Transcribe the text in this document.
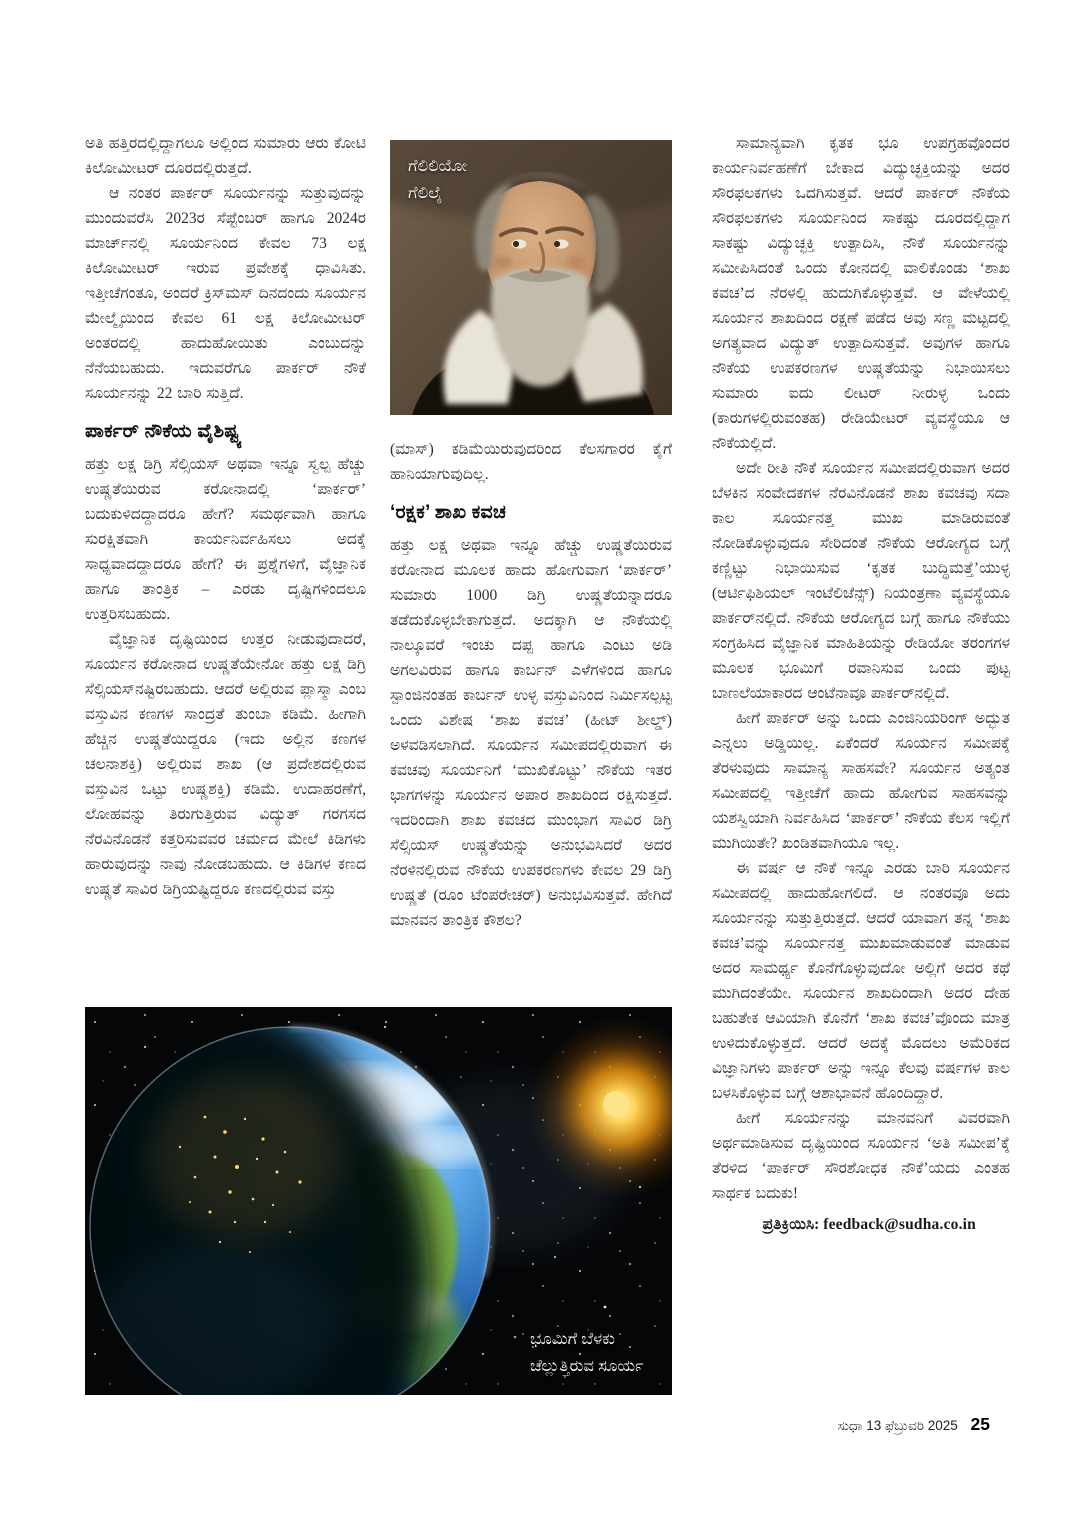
ಅತಿ ಹತ್ತಿರದಲ್ಲಿದ್ದಾಗಲೂ ಅಲ್ಲಿಂದ ಸುಮಾರು ಆರು ಕೋಟಿ ಕಿಲೋಮೀಟರ್ ದೂರದಲ್ಲಿರುತ್ತದೆ.

ಆ ನಂತರ ಪಾರ್ಕರ್ ಸೂರ್ಯನನ್ನು ಸುತ್ತುವುದನ್ನು ಮುಂದುವರೆಸಿ 2023ರ ಸೆಪ್ಟೆಂಬರ್ ಹಾಗೂ 2024ರ ಮಾರ್ಚ್‌ನಲ್ಲಿ ಸೂರ್ಯನಿಂದ ಕೇವಲ 73 ಲಕ್ಷ ಕಿಲೋಮೀಟರ್ ಇರುವ ಪ್ರವೇಶಕ್ಕೆ ಧಾವಿಸಿತು. ಇತ್ತೀಚೆಗಂತೂ, ಅಂದರೆ ಕ್ರಿಸ್‌ಮಸ್ ದಿನದಂದು ಸೂರ್ಯನ ಮೇಲ್ಮೈಯಿಂದ ಕೇವಲ 61 ಲಕ್ಷ ಕಿಲೋಮೀಟರ್ ಅಂತರದಲ್ಲಿ ಹಾದುಹೋಯಿತು ಎಂಬುದನ್ನು ನೆನೆಯಬಹುದು. ಇದುವರೆಗೂ ಪಾರ್ಕರ್ ನೌಕೆ ಸೂರ್ಯನನ್ನು 22 ಬಾರಿ ಸುತ್ತಿದೆ.

ಪಾರ್ಕರ್ ನೌಕೆಯ ವೈಶಿಷ್ಟ್ಯ

ಹತ್ತು ಲಕ್ಷ ಡಿಗ್ರಿ ಸೆಲ್ಸಿಯಸ್ ಅಥವಾ ಇನ್ನೂ ಸ್ವಲ್ಪ ಹೆಚ್ಚು ಉಷ್ಣತೆಯಿರುವ ಕರೋನಾದಲ್ಲಿ ‘ಪಾರ್ಕರ್’ ಬದುಕುಳಿದದ್ದಾದರೂ ಹೇಗೆ? ಸಮರ್ಥವಾಗಿ ಹಾಗೂ ಸುರಕ್ಷಿತವಾಗಿ ಕಾರ್ಯನಿರ್ವಹಿಸಲು ಅದಕ್ಕೆ ಸಾಧ್ಯವಾದದ್ದಾದರೂ ಹೇಗೆ? ಈ ಪ್ರಶ್ನೆಗಳಿಗೆ, ವೈಜ್ಞಾನಿಕ ಹಾಗೂ ತಾಂತ್ರಿಕ – ಎರಡು ದೃಷ್ಟಿಗಳಿಂದಲೂ ಉತ್ತರಿಸಬಹುದು.

ವೈಜ್ಞಾನಿಕ ದೃಷ್ಟಿಯಿಂದ ಉತ್ತರ ನೀಡುವುದಾದರೆ, ಸೂರ್ಯನ ಕರೋನಾದ ಉಷ್ಣತೆಯೇನೋ ಹತ್ತು ಲಕ್ಷ ಡಿಗ್ರಿ ಸೆಲ್ಸಿಯಸ್‌ನಷ್ಟಿರಬಹುದು. ಆದರೆ ಅಲ್ಲಿರುವ ಪ್ಲಾಸ್ಮಾ ಎಂಬ ವಸ್ತುವಿನ ಕಣಗಳ ಸಾಂದ್ರತೆ ತುಂಬಾ ಕಡಿಮೆ. ಹೀಗಾಗಿ ಹೆಚ್ಚಿನ ಉಷ್ಣತೆಯಿದ್ದರೂ (ಇದು ಅಲ್ಲಿನ ಕಣಗಳ ಚಲನಾಶಕ್ತಿ) ಅಲ್ಲಿರುವ ಶಾಖ (ಆ ಪ್ರದೇಶದಲ್ಲಿರುವ ವಸ್ತುವಿನ ಒಟ್ಟು ಉಷ್ಣಶಕ್ತಿ) ಕಡಿಮೆ. ಉದಾಹರಣೆಗೆ, ಲೋಹವನ್ನು ತಿರುಗುತ್ತಿರುವ ವಿದ್ಯುತ್ ಗರಗಸದ ನೆರವಿನೊಡನೆ ಕತ್ತರಿಸುವವರ ಚರ್ಮದ ಮೇಲೆ ಕಿಡಿಗಳು ಹಾರುವುದನ್ನು ನಾವು ನೋಡಬಹುದು. ಆ ಕಿಡಿಗಳ ಕಣದ ಉಷ್ಣತೆ ಸಾವಿರ ಡಿಗ್ರಿಯಷ್ಟಿದ್ದರೂ ಕಣದಲ್ಲಿರುವ ವಸ್ತು

ಗೆಲಿಲಿಯೋ
ಗೆಲಿಲೈ

(ಮಾಸ್) ಕಡಿಮೆಯಿರುವುದರಿಂದ ಕೆಲಸಗಾರರ ಕೈಗೆ ಹಾನಿಯಾಗುವುದಿಲ್ಲ.

‘ರಕ್ಷಕ’ ಶಾಖ ಕವಚ

ಹತ್ತು ಲಕ್ಷ ಅಥವಾ ಇನ್ನೂ ಹೆಚ್ಚು ಉಷ್ಣತೆಯಿರುವ ಕರೋನಾದ ಮೂಲಕ ಹಾದು ಹೋಗುವಾಗ ‘ಪಾರ್ಕರ್’ ಸುಮಾರು 1000 ಡಿಗ್ರಿ ಉಷ್ಣತೆಯನ್ನಾದರೂ ತಡೆದುಕೊಳ್ಳಬೇಕಾಗುತ್ತದೆ. ಅದಕ್ಕಾಗಿ ಆ ನೌಕೆಯಲ್ಲಿ ನಾಲ್ಕೂವರೆ ಇಂಚು ದಪ್ಪ ಹಾಗೂ ಎಂಟು ಅಡಿ ಅಗಲವಿರುವ ಹಾಗೂ ಕಾರ್ಬನ್ ಎಳೆಗಳಿಂದ ಹಾಗೂ ಸ್ಪಾಂಜಿನಂತಹ ಕಾರ್ಬನ್ ಉಳ್ಳ ವಸ್ತುವಿನಿಂದ ನಿರ್ಮಿಸಲ್ಪಟ್ಟ ಒಂದು ವಿಶೇಷ ‘ಶಾಖ ಕವಚ’ (ಹೀಟ್ ಶೀಲ್ಡ್) ಅಳವಡಿಸಲಾಗಿದೆ. ಸೂರ್ಯನ ಸಮೀಪದಲ್ಲಿರುವಾಗ ಈ ಕವಚವು ಸೂರ್ಯನಿಗೆ ‘ಮುಖಿಕೊಟ್ಟು’ ನೌಕೆಯ ಇತರ ಭಾಗಗಳನ್ನು ಸೂರ್ಯನ ಅಪಾರ ಶಾಖದಿಂದ ರಕ್ಷಿಸುತ್ತದೆ. ಇದರಿಂದಾಗಿ ಶಾಖ ಕವಚದ ಮುಂಭಾಗ ಸಾವಿರ ಡಿಗ್ರಿ ಸೆಲ್ಸಿಯಸ್ ಉಷ್ಣತೆಯನ್ನು ಅನುಭವಿಸಿದರೆ ಅದರ ನೆರಳಿನಲ್ಲಿರುವ ನೌಕೆಯ ಉಪಕರಣಗಳು ಕೇವಲ 29 ಡಿಗ್ರಿ ಉಷ್ಣತೆ (ರೂಂ ಟೆಂಪರೇಚರ್) ಅನುಭವಿಸುತ್ತವೆ. ಹೇಗಿದೆ ಮಾನವನ ತಾಂತ್ರಿಕ ಕೌಶಲ?

ಸಾಮಾನ್ಯವಾಗಿ ಕೃತಕ ಭೂ ಉಪಗ್ರಹವೊಂದರ ಕಾರ್ಯನಿರ್ವಹಣೆಗೆ ಬೇಕಾದ ವಿದ್ಯುಚ್ಛಕ್ತಿಯನ್ನು ಅದರ ಸೌರಫಲಕಗಳು ಒದಗಿಸುತ್ತವೆ. ಆದರೆ ಪಾರ್ಕರ್ ನೌಕೆಯ ಸೌರಫಲಕಗಳು ಸೂರ್ಯನಿಂದ ಸಾಕಷ್ಟು ದೂರದಲ್ಲಿದ್ದಾಗ ಸಾಕಷ್ಟು ವಿದ್ಯುಚ್ಛಕ್ತಿ ಉತ್ಪಾದಿಸಿ, ನೌಕೆ ಸೂರ್ಯನನ್ನು ಸಮೀಪಿಸಿದಂತೆ ಒಂದು ಕೋನದಲ್ಲಿ ವಾಲಿಕೊಂಡು ‘ಶಾಖ ಕವಚ’ದ ನೆರಳಲ್ಲಿ ಹುದುಗಿಕೊಳ್ಳುತ್ತವೆ. ಆ ವೇಳೆಯಲ್ಲಿ ಸೂರ್ಯನ ಶಾಖದಿಂದ ರಕ್ಷಣೆ ಪಡೆದ ಅವು ಸಣ್ಣ ಮಟ್ಟದಲ್ಲಿ ಅಗತ್ಯವಾದ ವಿದ್ಯುತ್ ಉತ್ಪಾದಿಸುತ್ತವೆ. ಅವುಗಳ ಹಾಗೂ ನೌಕೆಯ ಉಪಕರಣಗಳ ಉಷ್ಣತೆಯನ್ನು ನಿಭಾಯಿಸಲು ಸುಮಾರು ಐದು ಲೀಟರ್ ನೀರುಳ್ಳ ಒಂದು (ಕಾರುಗಳಲ್ಲಿರುವಂತಹ) ರೇಡಿಯೇಟರ್ ವ್ಯವಸ್ಥೆಯೂ ಆ ನೌಕೆಯಲ್ಲಿದೆ.

ಅದೇ ರೀತಿ ನೌಕೆ ಸೂರ್ಯನ ಸಮೀಪದಲ್ಲಿರುವಾಗ ಅದರ ಬೆಳಕಿನ ಸಂವೇದಕಗಳ ನೆರವಿನೊಡನೆ ಶಾಖ ಕವಚವು ಸದಾ ಕಾಲ ಸೂರ್ಯನತ್ತ ಮುಖ ಮಾಡಿರುವಂತೆ ನೋಡಿಕೊಳ್ಳುವುದೂ ಸೇರಿದಂತೆ ನೌಕೆಯ ಆರೋಗ್ಯದ ಬಗ್ಗೆ ಕಣ್ಣಿಟ್ಟು ನಿಭಾಯಿಸುವ ‘ಕೃತಕ ಬುದ್ಧಿಮತ್ತೆ’ಯುಳ್ಳ (ಆರ್ಟಿಫಿಶಿಯಲ್ ಇಂಟೆಲಿಜೆನ್ಸ್) ನಿಯಂತ್ರಣಾ ವ್ಯವಸ್ಥೆಯೂ ಪಾರ್ಕರ್‌ನಲ್ಲಿದೆ. ನೌಕೆಯ ಆರೋಗ್ಯದ ಬಗ್ಗೆ ಹಾಗೂ ನೌಕೆಯು ಸಂಗ್ರಹಿಸಿದ ವೈಜ್ಞಾನಿಕ ಮಾಹಿತಿಯನ್ನು ರೇಡಿಯೋ ತರಂಗಗಳ ಮೂಲಕ ಭೂಮಿಗೆ ರವಾನಿಸುವ ಒಂದು ಪುಟ್ಟ ಬಾಣಲೆಯಾಕಾರದ ಆಂಟೆನಾವೂ ಪಾರ್ಕರ್‌ನಲ್ಲಿದೆ.

ಹೀಗೆ ಪಾರ್ಕರ್ ಅನ್ನು ಒಂದು ಎಂಜಿನಿಯರಿಂಗ್ ಅದ್ಭುತ ಎನ್ನಲು ಅಡ್ಡಿಯಿಲ್ಲ. ಏಕೆಂದರೆ ಸೂರ್ಯನ ಸಮೀಪಕ್ಕೆ ತೆರಳುವುದು ಸಾಮಾನ್ಯ ಸಾಹಸವೇ? ಸೂರ್ಯನ ಅತ್ಯಂತ ಸಮೀಪದಲ್ಲಿ ಇತ್ತೀಚೆಗೆ ಹಾದು ಹೋಗುವ ಸಾಹಸವನ್ನು ಯಶಸ್ವಿಯಾಗಿ ನಿರ್ವಹಿಸಿದ ‘ಪಾರ್ಕರ್’ ನೌಕೆಯ ಕೆಲಸ ಇಲ್ಲಿಗೆ ಮುಗಿಯಿತೇ? ಖಂಡಿತವಾಗಿಯೂ ಇಲ್ಲ.

ಈ ವರ್ಷ ಆ ನೌಕೆ ಇನ್ನೂ ಎರಡು ಬಾರಿ ಸೂರ್ಯನ ಸಮೀಪದಲ್ಲಿ ಹಾದುಹೋಗಲಿದೆ. ಆ ನಂತರವೂ ಅದು ಸೂರ್ಯನನ್ನು ಸುತ್ತುತ್ತಿರುತ್ತದೆ. ಆದರೆ ಯಾವಾಗ ತನ್ನ ‘ಶಾಖ ಕವಚ’ವನ್ನು ಸೂರ್ಯನತ್ತ ಮುಖಮಾಡುವಂತೆ ಮಾಡುವ ಅದರ ಸಾಮರ್ಥ್ಯ ಕೊನೆಗೊಳ್ಳುವುದೋ ಅಲ್ಲಿಗೆ ಅದರ ಕಥೆ ಮುಗಿದಂತೆಯೇ. ಸೂರ್ಯನ ಶಾಖದಿಂದಾಗಿ ಅದರ ದೇಹ ಬಹುತೇಕ ಆವಿಯಾಗಿ ಕೊನೆಗೆ ‘ಶಾಖ ಕವಚ’ವೊಂದು ಮಾತ್ರ ಉಳಿದುಕೊಳ್ಳುತ್ತದೆ. ಆದರೆ ಅದಕ್ಕೆ ಮೊದಲು ಅಮೆರಿಕದ ವಿಜ್ಞಾನಿಗಳು ಪಾರ್ಕರ್ ಅನ್ನು ಇನ್ನೂ ಕೆಲವು ವರ್ಷಗಳ ಕಾಲ ಬಳಸಿಕೊಳ್ಳುವ ಬಗ್ಗೆ ಆಶಾಭಾವನೆ ಹೊಂದಿದ್ದಾರೆ.

ಹೀಗೆ ಸೂರ್ಯನನ್ನು ಮಾನವನಿಗೆ ವಿವರವಾಗಿ ಅರ್ಥಮಾಡಿಸುವ ದೃಷ್ಟಿಯಿಂದ ಸೂರ್ಯನ ‘ಅತಿ ಸಮೀಪ’ಕ್ಕೆ ತೆರಳಿದ ‘ಪಾರ್ಕರ್ ಸೌರಶೋಧಕ ನೌಕೆ’ಯದು ಎಂತಹ ಸಾರ್ಥಕ ಬದುಕು!

ಪ್ರತಿಕ್ರಿಯಿಸಿ: feedback@sudha.co.in

ಭೂಮಿಗೆ ಬೆಳಕು
ಚೆಲ್ಲುತ್ತಿರುವ ಸೂರ್ಯ
ಸುಧಾ 13 ಫೆಬ್ರುವರಿ 2025 25
